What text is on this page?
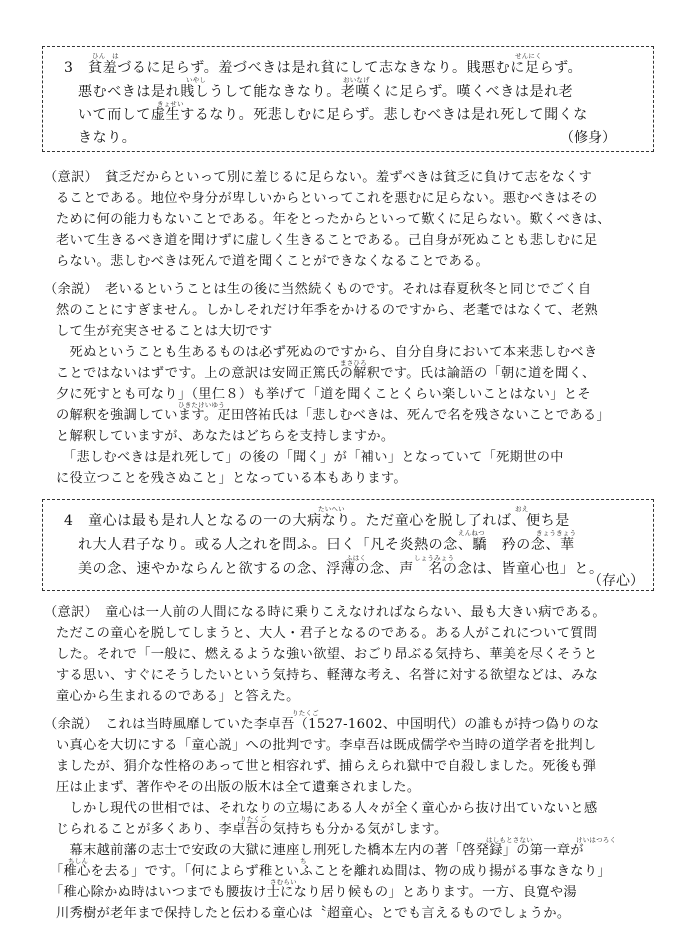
ひん　は	せんにく
3　貧羞づるに足らず。羞づべきは是れ貧にして志なきなり。賎悪むに足らず。
いやし	おいなげ
悪むべきは是れ賎しうして能なきなり。老嘆くに足らず。嘆くべきは是れ老
きょせい
いて而して虚生するなり。死悲しむに足らず。悲しむべきは是れ死して聞くな
きなり。	（修身）
（意訳）　貧乏だからといって別に羞じるに足らない。羞ずべきは貧乏に負けて志をなくす
ることである。地位や身分が卑しいからといってこれを悪むに足らない。悪むべきはその
ために何の能力もないことである。年をとったからといって歎くに足らない。歎くべきは、
老いて生きるべき道を聞けずに虚しく生きることである。己自身が死ぬことも悲しむに足
らない。悲しむべきは死んで道を聞くことができなくなることである。
（余説）　老いるということは生の後に当然続くものです。それは春夏秋冬と同じでごく自
然のことにすぎません。しかしそれだけ年季をかけるのですから、老耄ではなくて、老熟
して生が充実させることは大切です
　死ぬということも生あるものは必ず死ぬのですから、自分自身において本来悲しむべき
まさひろ
ことではないはずです。上の意訳は安岡正篤氏の解釈です。氏は論語の「朝に道を聞く、
夕に死すとも可なり」（里仁８）も挙げて「道を聞くことくらい楽しいことはない」とそ
ひきたけいゆう
の解釈を強調しています。疋田啓祐氏は「悲しむべきは、死んで名を残さないことである」
と解釈していますが、あなたはどちらを支持しますか。
　「悲しむべきは是れ死して」の後の「聞く」が「補い」となっていて「死期世の中
に役立つことを残さぬこと」となっている本もあります。
たいへい	おえ
4　童心は最も是れ人となるの一の大病なり。ただ童心を脱し了れば、便ち是
えんねつ	きょうきょう
れ大人君子なり。或る人之れを問ふ。曰く「凡そ炎熱の念、驕　矜の念、華
ふはく	しょうみょう
美の念、速やかならんと欲するの念、浮薄の念、声　名の念は、皆童心也」と。
（存心）
（意訳）　童心は一人前の人間になる時に乗りこえなければならない、最も大きい病である。
ただこの童心を脱してしまうと、大人・君子となるのである。ある人がこれについて質問
した。それで「一般に、燃えるような強い欲望、おごり昂ぶる気持ち、華美を尽くそうと
する思い、すぐにそうしたいという気持ち、軽薄な考え、名誉に対する欲望などは、みな
童心から生まれるのである」と答えた。
りたくご
（余説）　これは当時風靡していた李卓吾（1527-1602、中国明代）の誰もが持つ偽りのな
い真心を大切にする「童心説」への批判です。李卓吾は既成儒学や当時の道学者を批判し
ましたが、狷介な性格のあって世と相容れず、捕らえられ獄中で自殺しました。死後も弾
圧は止まず、著作やその出版の版木は全て遺棄されました。
　しかし現代の世相では、それなりの立場にある人々が全く童心から抜け出ていないと感
りたくご
じられることが多くあり、李卓吾の気持ちも分かる気がします。
はしもとさない	けいはつろく
　幕末越前藩の志士で安政の大獄に連座し刑死した橋本左内の著「啓発録」の第一章が
ちしん	ち
「稚心を去る」です。「何によらず稚といふことを離れぬ間は、物の成り揚がる事なきなり」
さむらい
「稚心除かぬ時はいつまでも腰抜け士になり居り候もの」とあります。一方、良寛や湯
川秀樹が老年まで保持したと伝わる童心は〝超童心〟とでも言えるものでしょうか。
